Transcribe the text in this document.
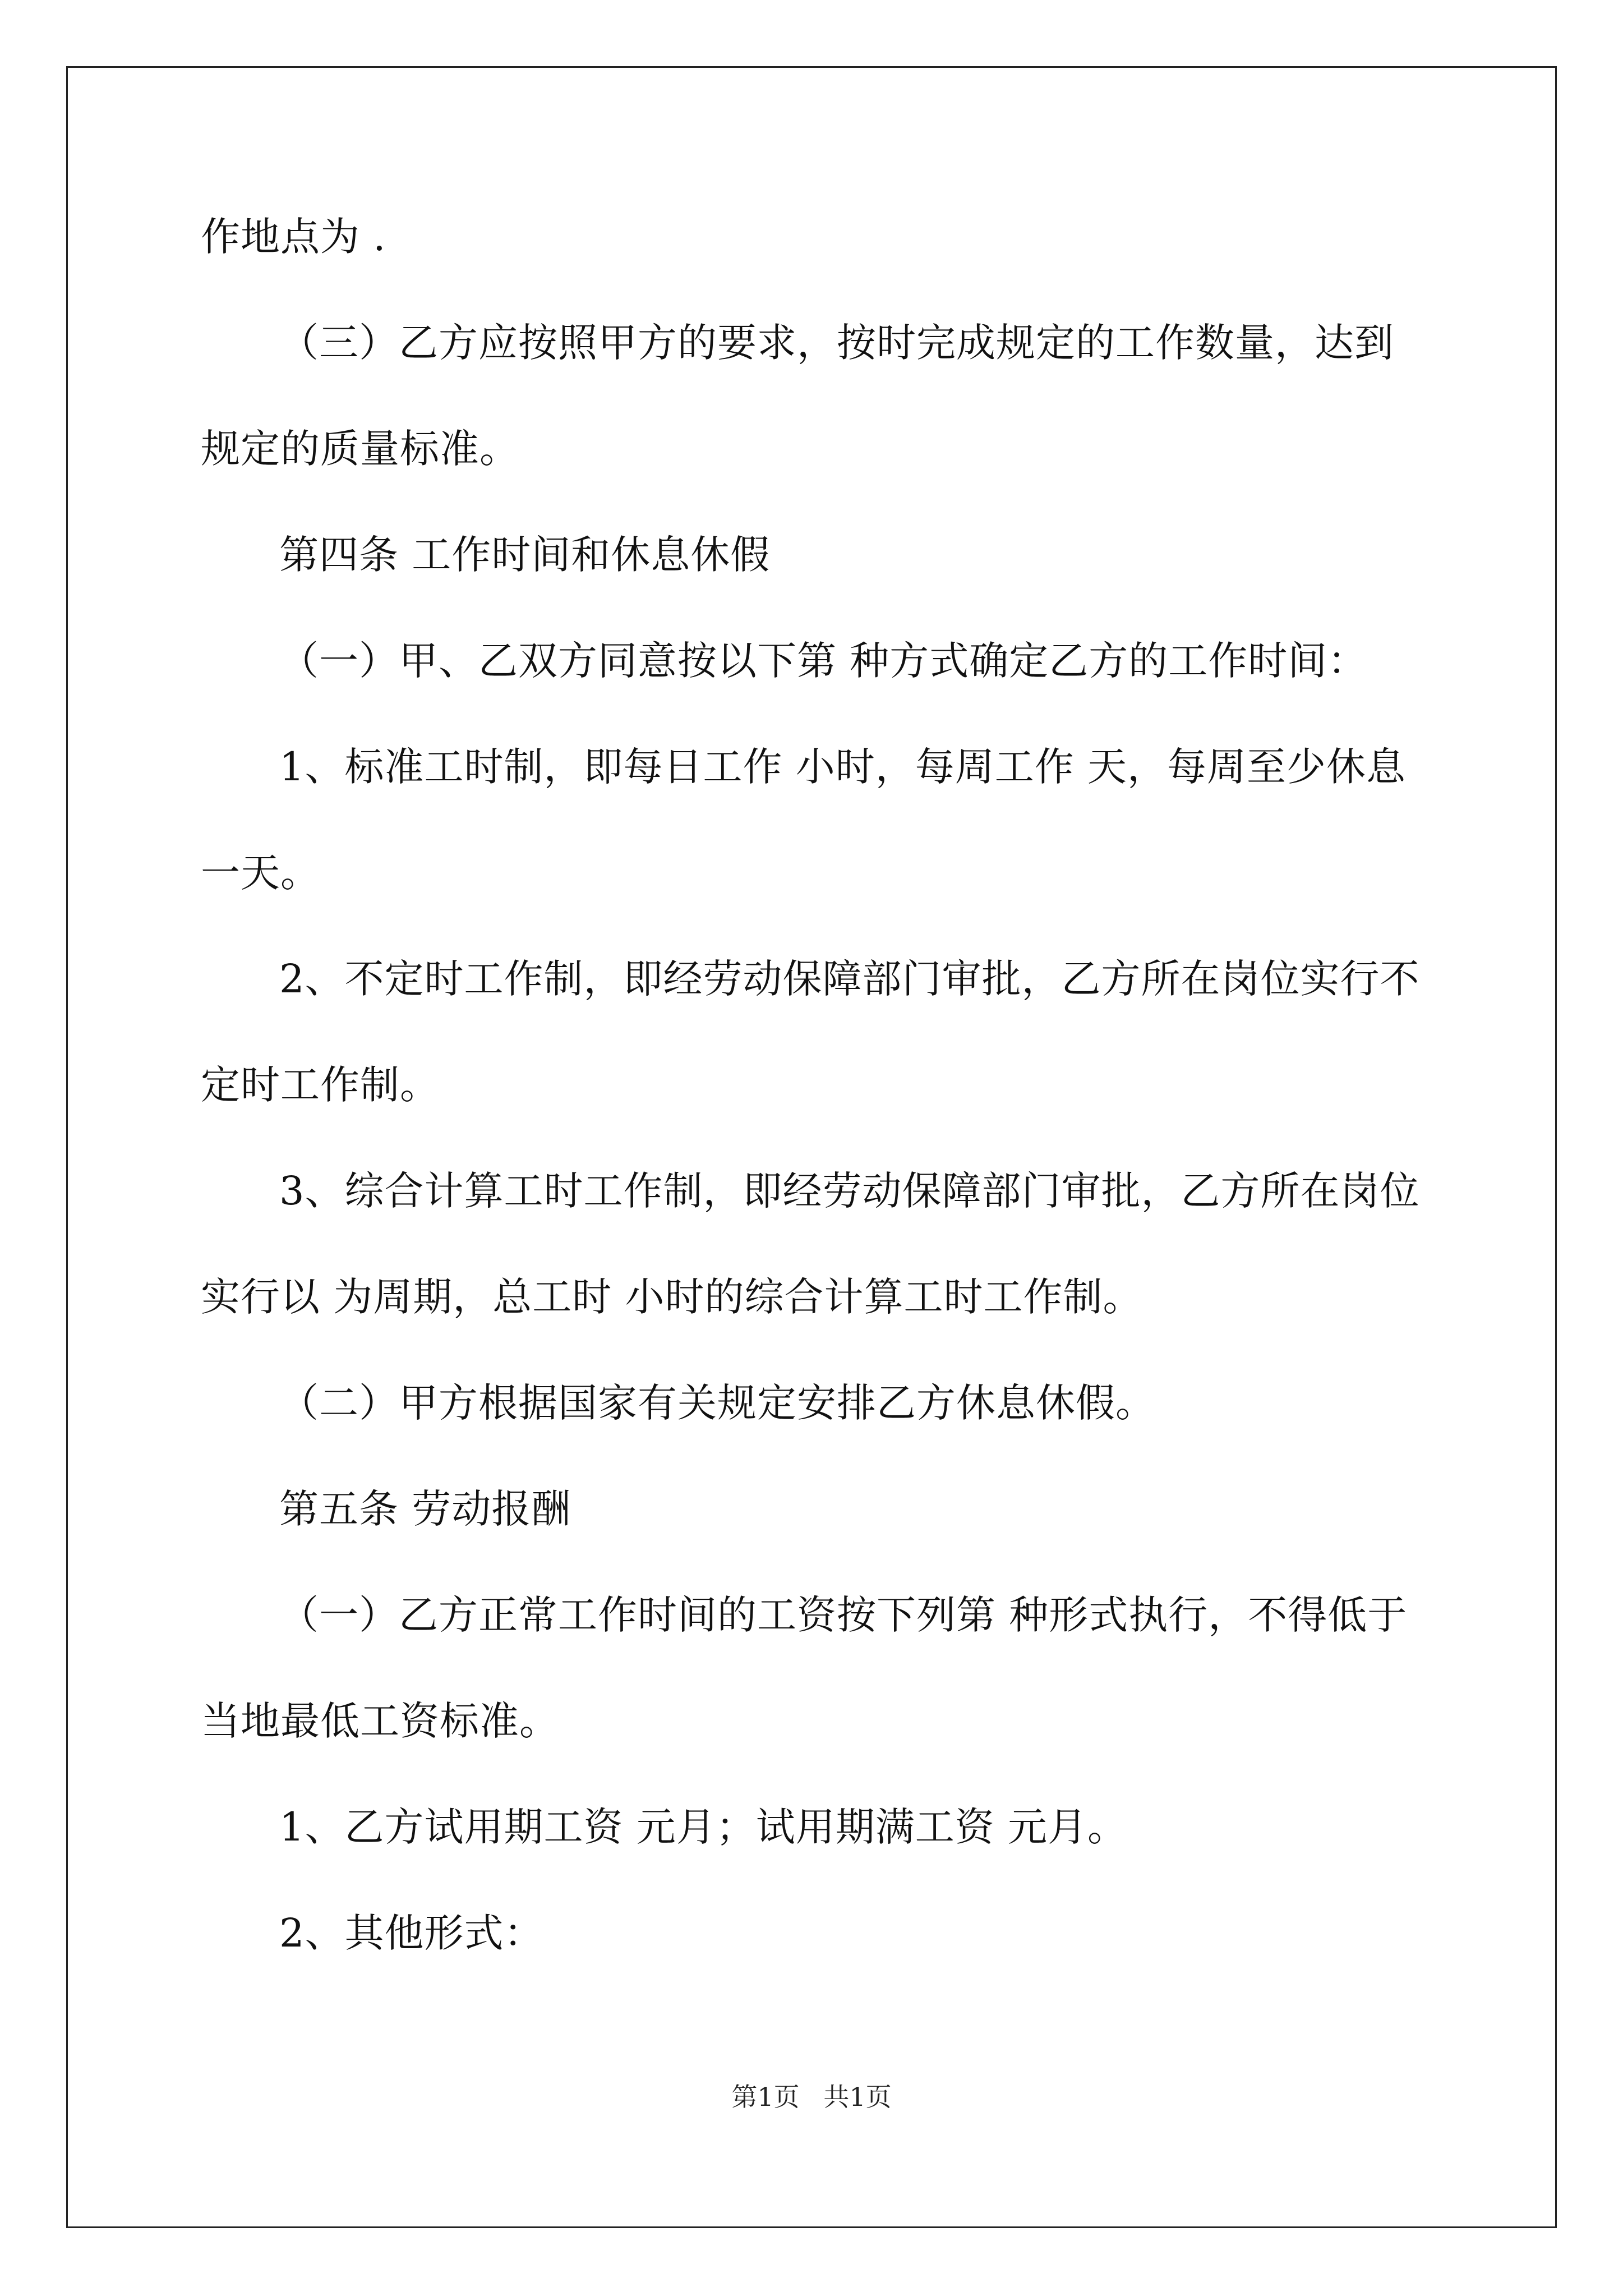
作地点为 .
（三）乙方应按照甲方的要求，按时完成规定的工作数量，达到
规定的质量标准。
第四条 工作时间和休息休假
（一）甲、乙双方同意按以下第 种方式确定乙方的工作时间：
1、标准工时制，即每日工作 小时，每周工作 天，每周至少休息
一天。
2、不定时工作制，即经劳动保障部门审批，乙方所在岗位实行不
定时工作制。
3、综合计算工时工作制，即经劳动保障部门审批，乙方所在岗位
实行以 为周期，总工时 小时的综合计算工时工作制。
（二）甲方根据国家有关规定安排乙方休息休假。
第五条 劳动报酬
（一）乙方正常工作时间的工资按下列第 种形式执行，不得低于
当地最低工资标准。
1、乙方试用期工资 元月；试用期满工资 元月。
2、其他形式：
第1页 共1页
